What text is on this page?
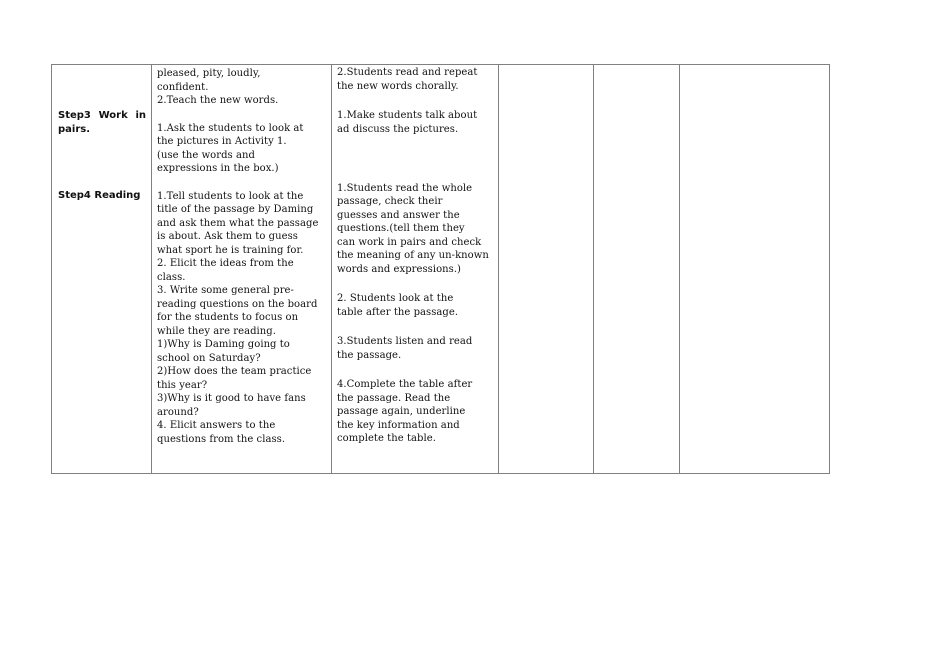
Step3 Work in
pairs.
Step4 Reading

pleased, pity, loudly,
confident.
2.Teach the new words.
1.Ask the students to look at
the pictures in Activity 1.
(use the words and
expressions in the box.)
1.Tell students to look at the
title of the passage by Daming
and ask them what the passage
is about. Ask them to guess
what sport he is training for.
2. Elicit the ideas from the
class.
3. Write some general pre-
reading questions on the board
for the students to focus on
while they are reading.
1)Why is Daming going to
school on Saturday?
2)How does the team practice
this year?
3)Why is it good to have fans
around?
4. Elicit answers to the
questions from the class.

2.Students read and repeat
the new words chorally.
1.Make students talk about
ad discuss the pictures.
1.Students read the whole
passage, check their
guesses and answer the
questions.(tell them they
can work in pairs and check
the meaning of any un-known
words and expressions.)
2. Students look at the
table after the passage.
3.Students listen and read
the passage.
4.Complete the table after
the passage. Read the
passage again, underline
the key information and
complete the table.
